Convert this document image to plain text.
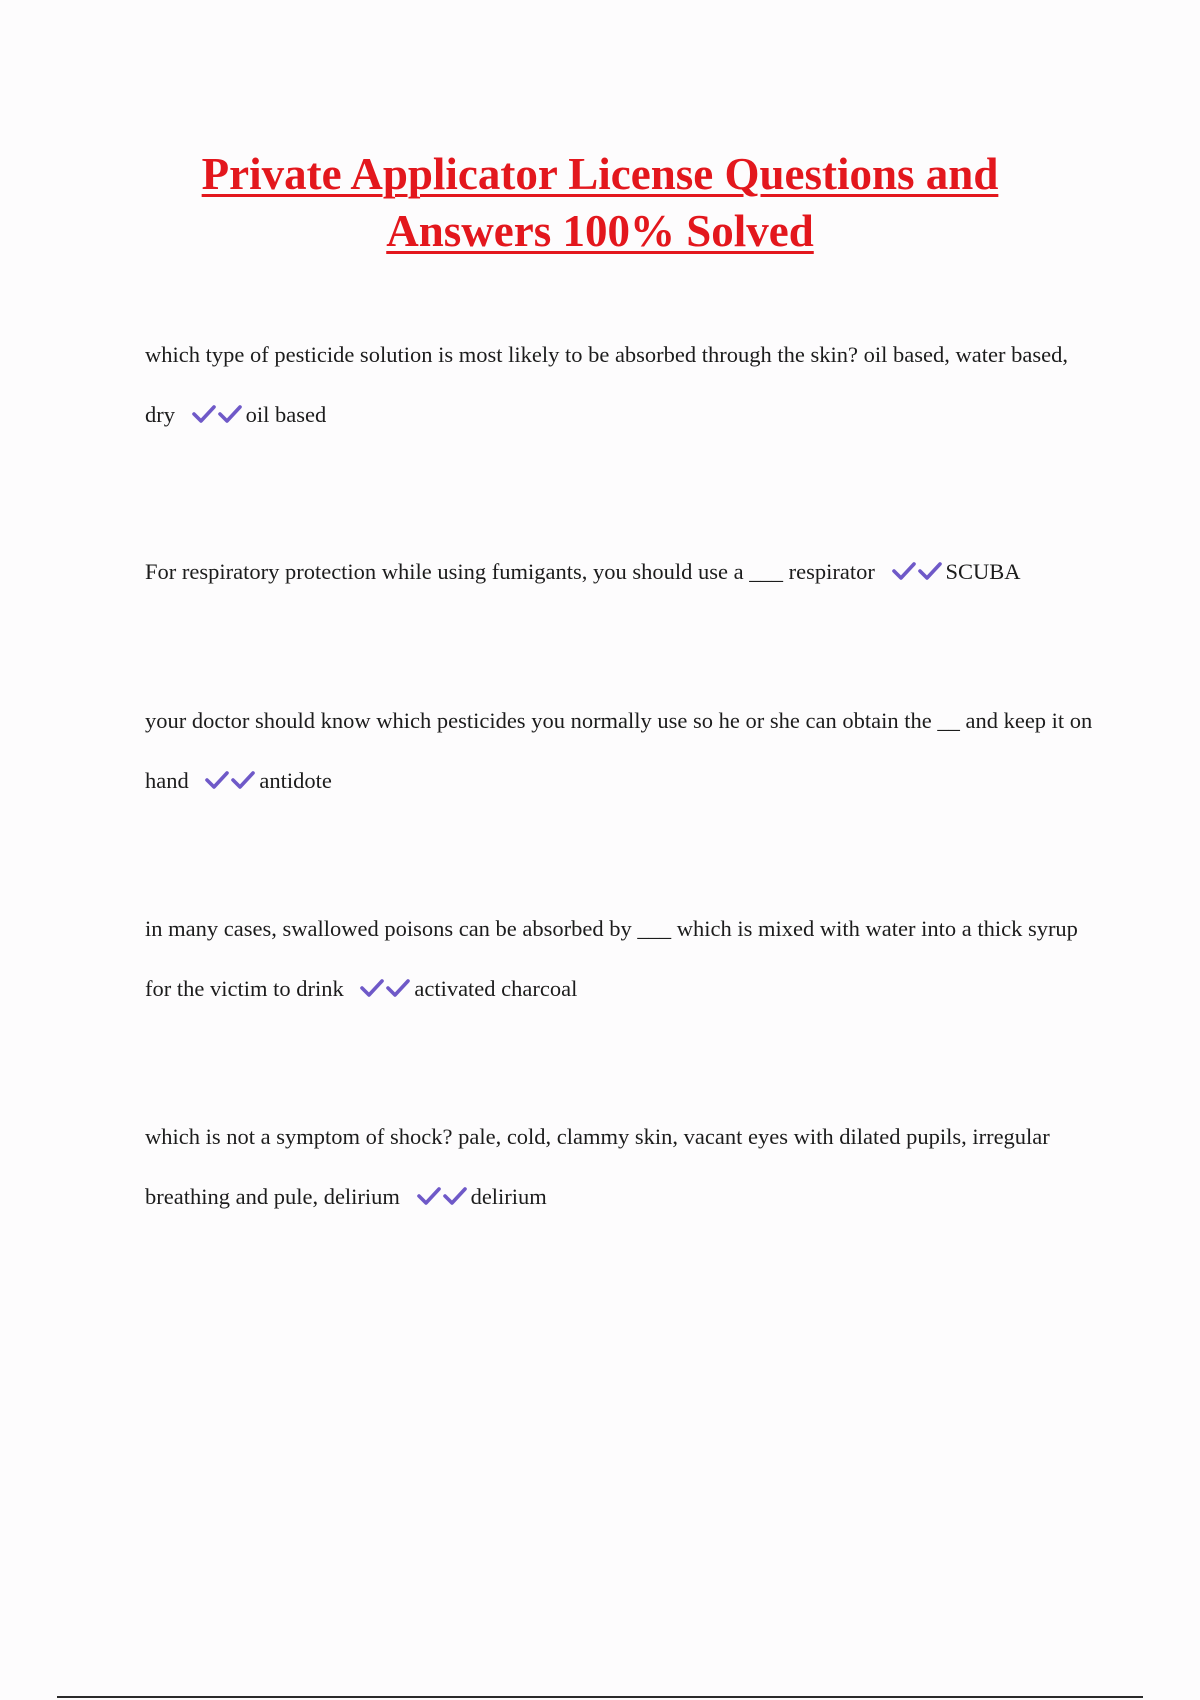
Private Applicator License Questions and
Answers 100% Solved

which type of pesticide solution is most likely to be absorbed through the skin? oil based, water based, dry	oil based

For respiratory protection while using fumigants, you should use a ___ respirator	SCUBA

your doctor should know which pesticides you normally use so he or she can obtain the __ and keep it on hand	antidote

in many cases, swallowed poisons can be absorbed by ___ which is mixed with water into a thick syrup for the victim to drink	activated charcoal

which is not a symptom of shock? pale, cold, clammy skin, vacant eyes with dilated pupils, irregular breathing and pule, delirium	delirium
